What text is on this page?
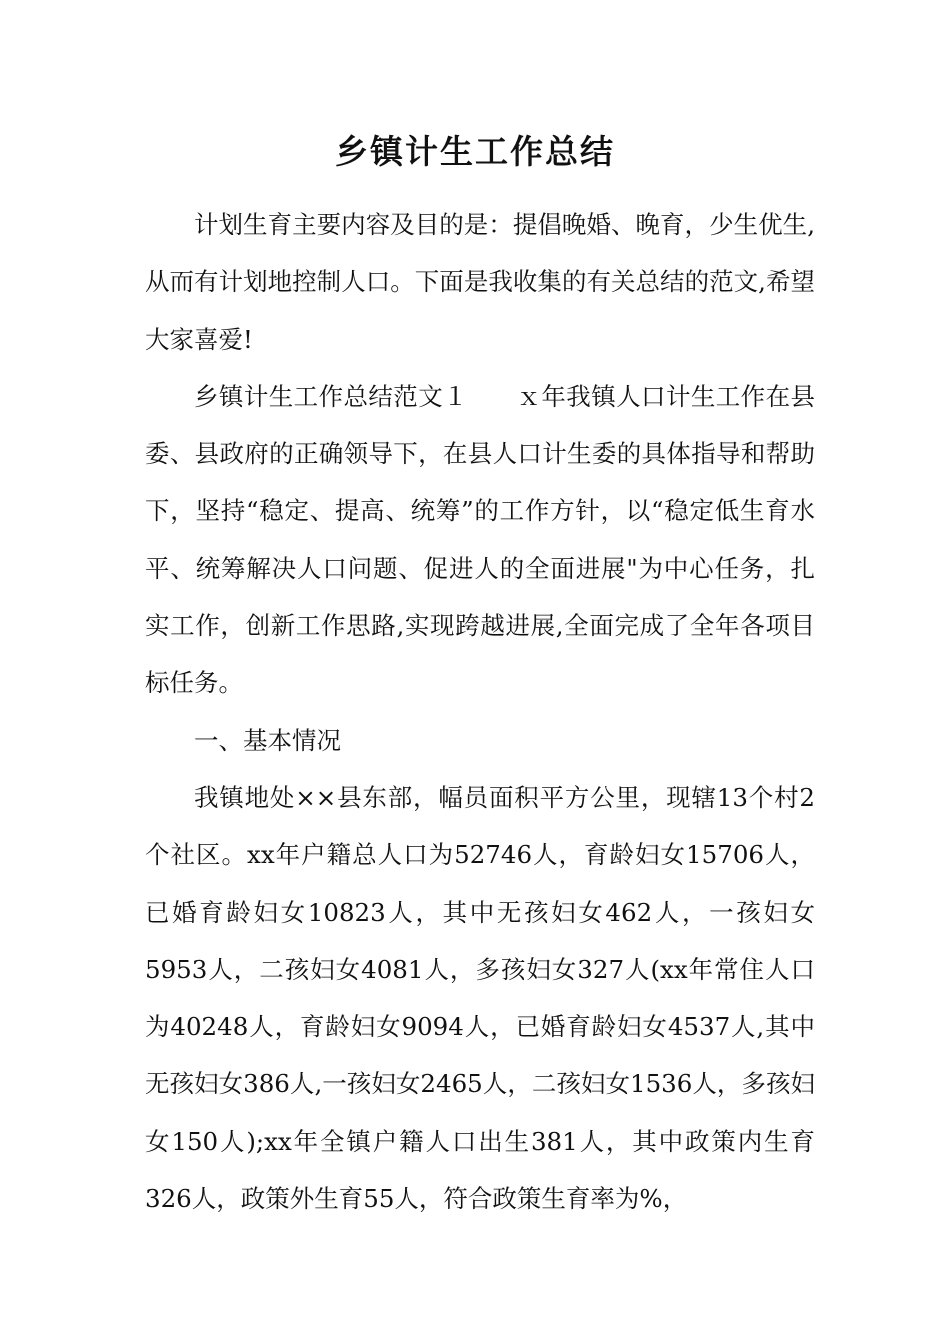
乡镇计生工作总结

计划生育主要内容及目的是：提倡晚婚、晚育，少生优生,从而有计划地控制人口。下面是我收集的有关总结的范文,希望大家喜爱!

乡镇计生工作总结范文１ ｘ年我镇人口计生工作在县委、县政府的正确领导下，在县人口计生委的具体指导和帮助下，坚持“稳定、提高、统筹”的工作方针，以“稳定低生育水平、统筹解决人口问题、促进人的全面进展"为中心任务，扎实工作，创新工作思路,实现跨越进展,全面完成了全年各项目标任务。

一、基本情况

我镇地处××县东部，幅员面积平方公里，现辖13个村2个社区。xx年户籍总人口为52746人，育龄妇女15706人，已婚育龄妇女10823人，其中无孩妇女462人，一孩妇女5953人，二孩妇女4081人，多孩妇女327人(xx年常住人口为40248人，育龄妇女9094人，已婚育龄妇女4537人,其中无孩妇女386人,一孩妇女2465人，二孩妇女1536人，多孩妇女150人);xx年全镇户籍人口出生381人，其中政策内生育326人，政策外生育55人，符合政策生育率为%，
